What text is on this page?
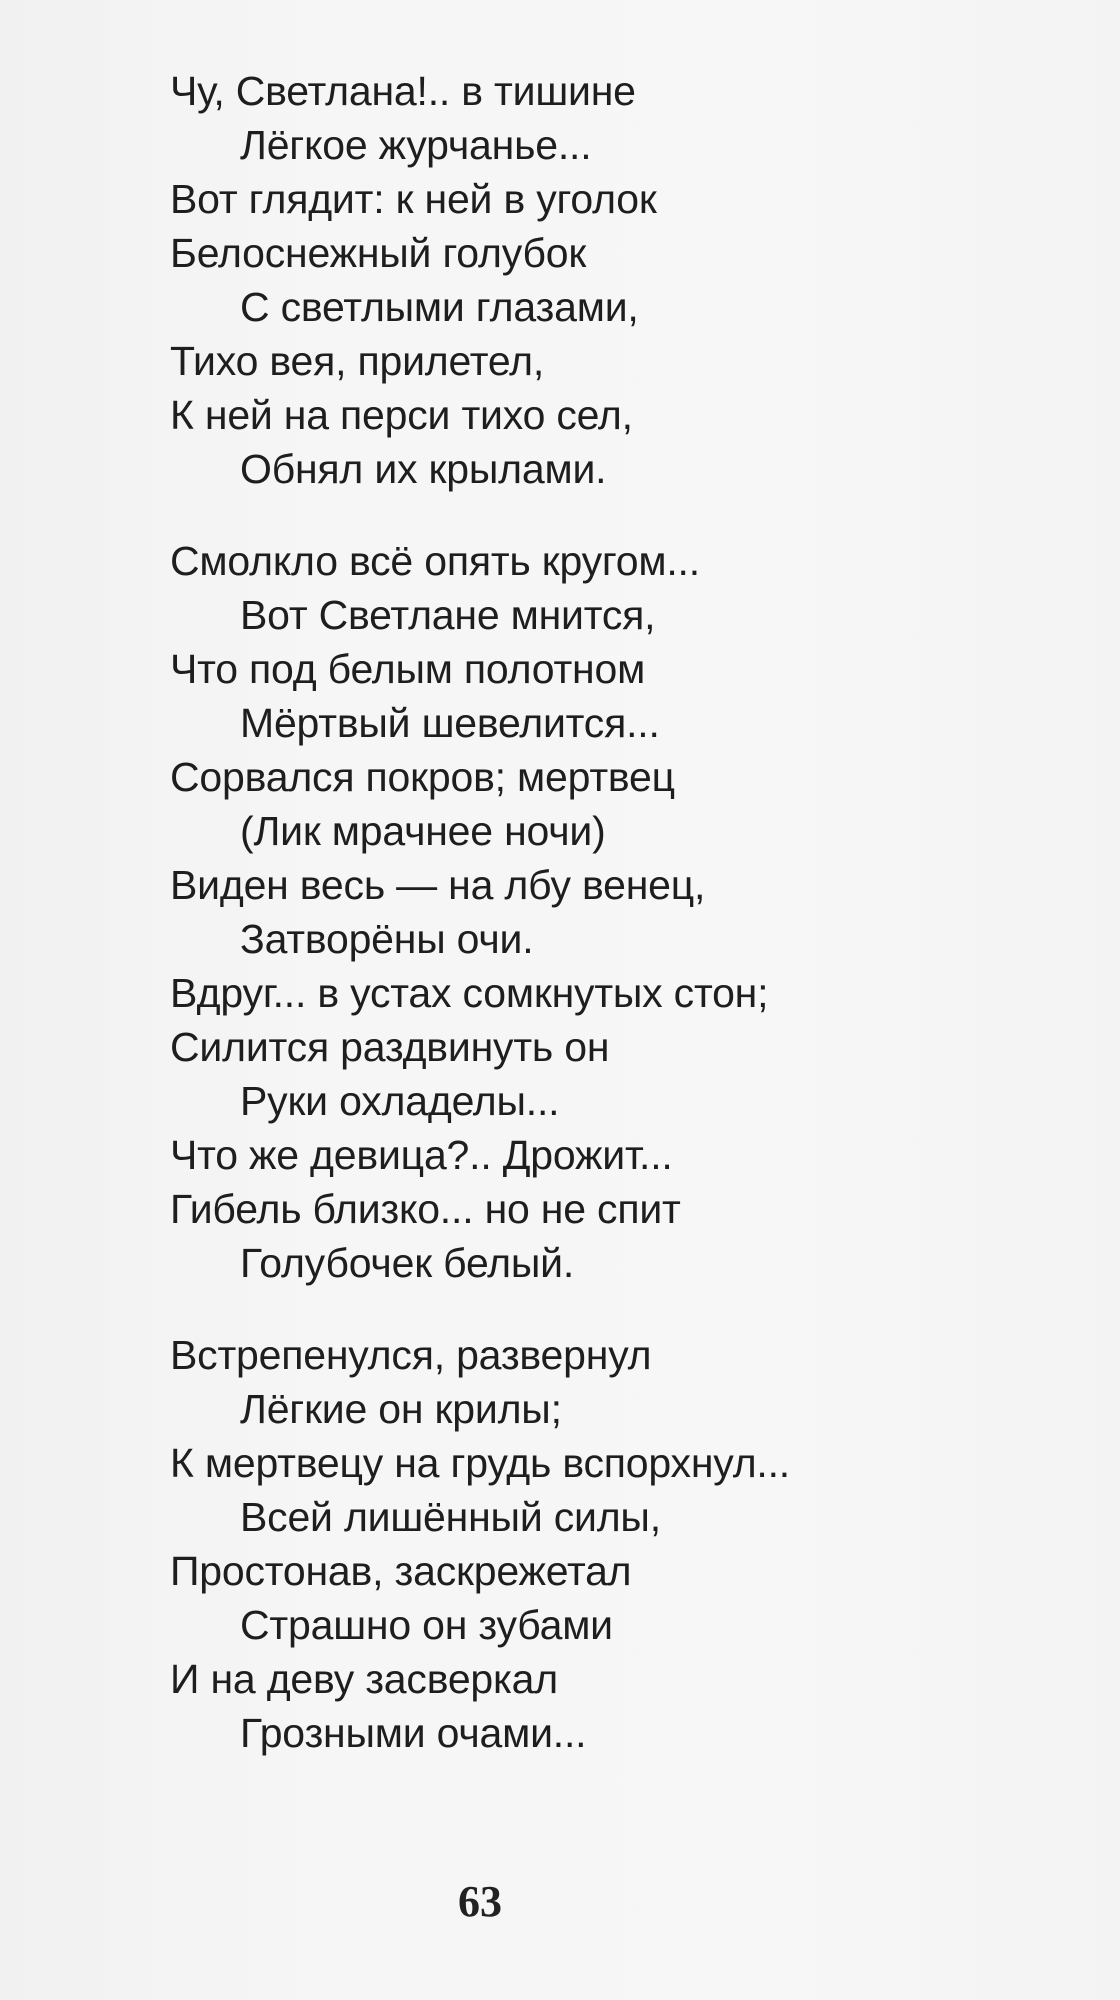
Чу, Светлана!.. в тишине
Лёгкое журчанье...
Вот глядит: к ней в уголок
Белоснежный голубок
С светлыми глазами,
Тихо вея, прилетел,
К ней на перси тихо сел,
Обнял их крылами.
Смолкло всё опять кругом...
Вот Светлане мнится,
Что под белым полотном
Мёртвый шевелится...
Сорвался покров; мертвец
(Лик мрачнее ночи)
Виден весь — на лбу венец,
Затворёны очи.
Вдруг... в устах сомкнутых стон;
Силится раздвинуть он
Руки охладелы...
Что же девица?.. Дрожит...
Гибель близко... но не спит
Голубочек белый.
Встрепенулся, развернул
Лёгкие он крилы;
К мертвецу на грудь вспорхнул...
Всей лишённый силы,
Простонав, заскрежетал
Страшно он зубами
И на деву засверкал
Грозными очами...
63
